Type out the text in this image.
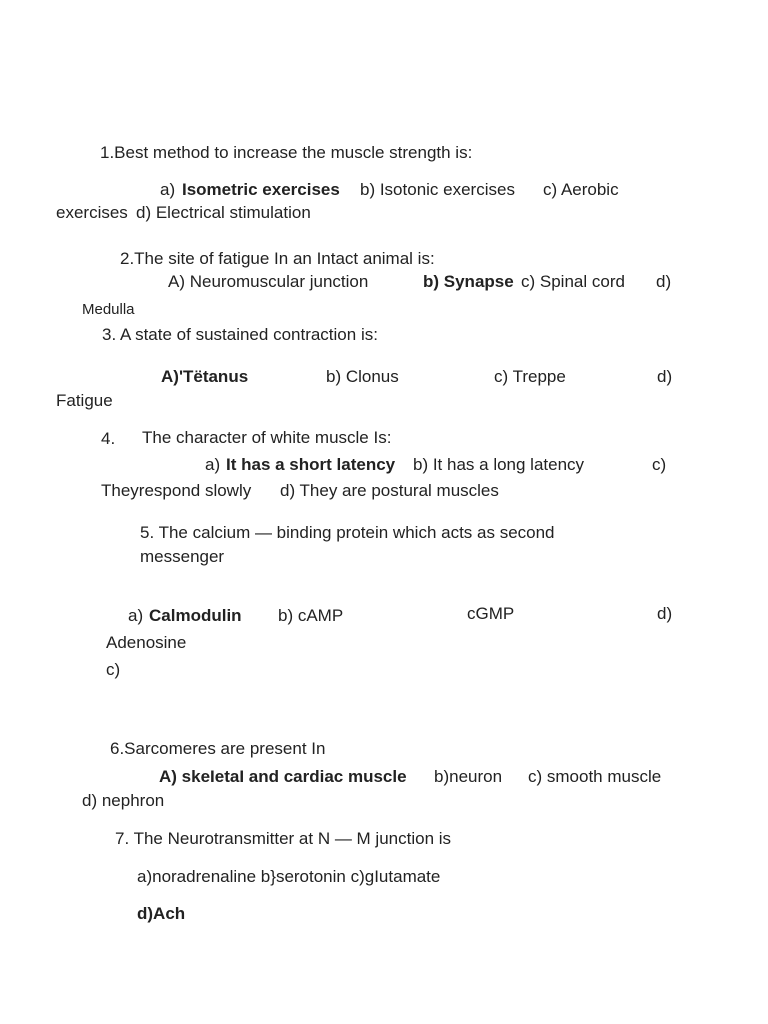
1.Best method to increase the muscle strength is:
a) Isometric exercises b) Isotonic exercises c) Aerobic
exercises d) Electrical stimulation
2.The site of fatigue In an Intact animal is:
A) Neuromuscular junction	b) Synapse c) Spinal cord d)
Medulla
3. A state of sustained contraction is:
A)'Tëtanus	b) Clonus	c) Treppe	d)
Fatigue
4. The character of white muscle Is:
a) It has a short latency b) It has a long latency	c)
Theyrespond slowly d) They are postural muscles
5. The calcium — binding protein which acts as second
messenger
a) Calmodulin b) cAMP	cGMP	d)
Adenosine
c)
6.Sarcomeres are present In
A) skeIetaI and cardiac muscle b)neuron c) smooth muscle
d) nephron
7. The Neurotransmitter at N — M junction is
a)noradrenaline b}serotonin c)gIutamate
d)Ach
